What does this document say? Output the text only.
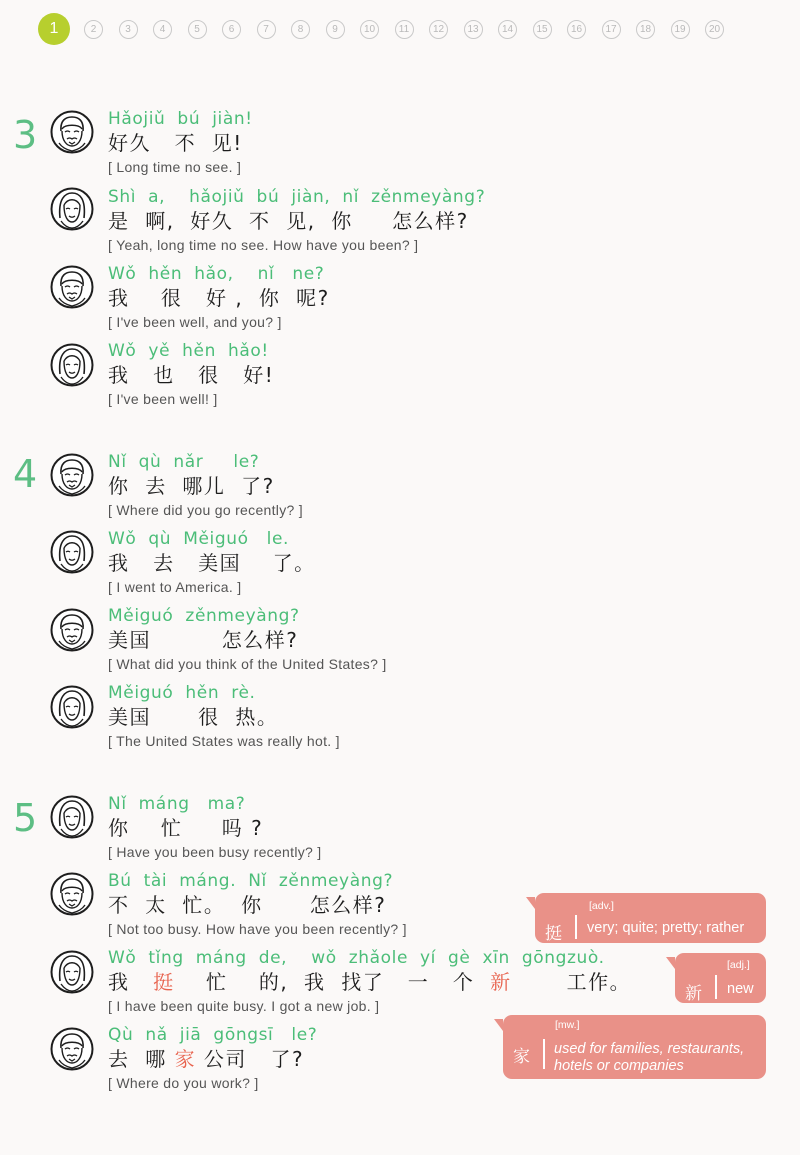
1	2	3	4	5	6	7	8	9	10	11	12	13	14	15	16	17	18	19	20
3	Hǎojiǔ  bú  jiàn!
好久   不  见!
[ Long time no see. ]
Shì  a,    hǎojiǔ  bú  jiàn,  nǐ  zěnmeyàng?
是  啊,  好久  不  见,  你     怎么样?
[ Yeah, long time no see. How have you been? ]
Wǒ  hěn  hǎo,    nǐ   ne?
我    很   好 ,  你  呢?
[ I've been well, and you? ]
Wǒ  yě  hěn  hǎo!
我   也   很   好!
[ I've been well! ]
4	Nǐ  qù  nǎr     le?
你  去  哪儿  了?
[ Where did you go recently? ]
Wǒ  qù  Měiguó   le.
我   去   美国    了。
[ I went to America. ]
Měiguó  zěnmeyàng?
美国         怎么样?
[ What did you think of the United States? ]
Měiguó  hěn  rè.
美国      很  热。
[ The United States was really hot. ]
5	Nǐ  máng   ma?
你    忙     吗 ?
[ Have you been busy recently? ]
Bú  tài  máng.  Nǐ  zěnmeyàng?
不  太  忙。  你      怎么样?
[ Not too busy. How have you been recently? ]
Wǒ  tǐng  máng  de,    wǒ  zhǎole  yí  gè  xīn  gōngzuò.
我   挺    忙    的,  我  找了   一   个  新       工作。
[ I have been quite busy. I got a new job. ]
Qù  nǎ  jiā  gōngsī   le?
去  哪 家 公司   了?
[ Where do you work? ]
挺
[adv.]
very; quite; pretty; rather
[adj.]
新 new
[mw.]
家 used for families, restaurants,
hotels or companies
